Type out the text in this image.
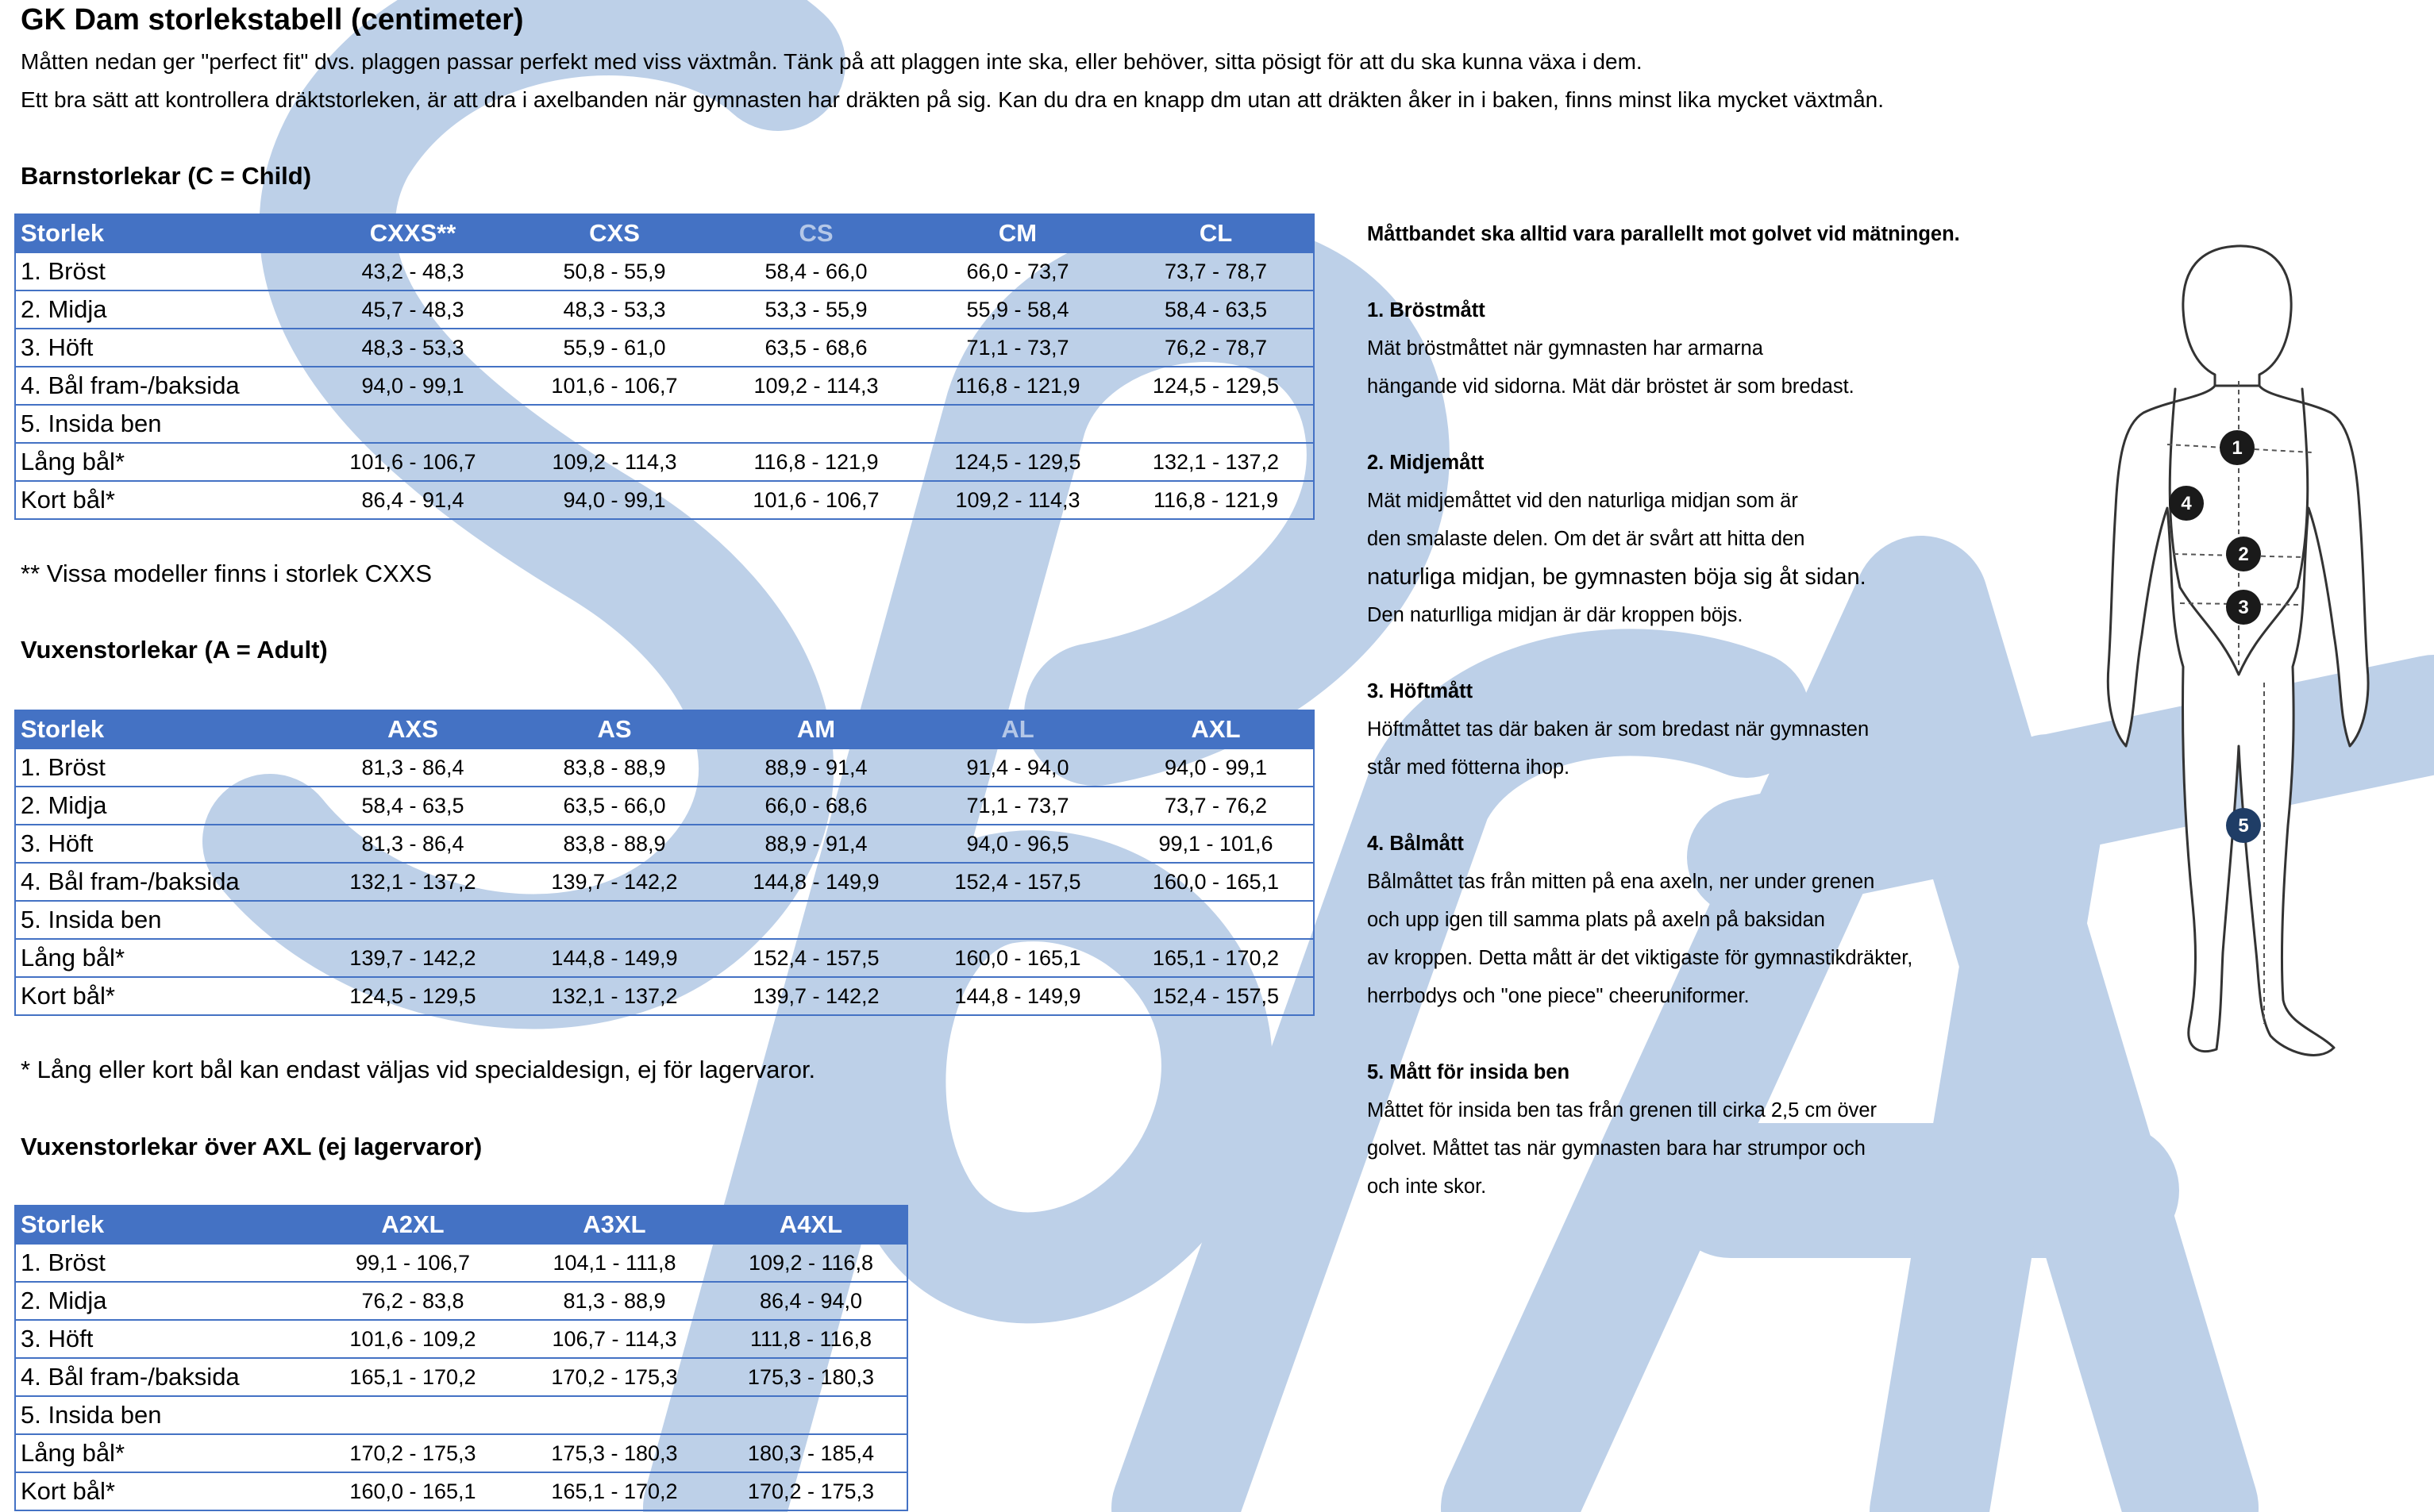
GK Dam storlekstabell (centimeter)
Måtten nedan ger "perfect fit" dvs. plaggen passar perfekt med viss växtmån. Tänk på att plaggen inte ska, eller behöver, sitta pösigt för att du ska kunna växa i dem.
Ett bra sätt att kontrollera dräktstorleken, är att dra i axelbanden när gymnasten har dräkten på sig. Kan du dra en knapp dm utan att dräkten åker in i baken, finns minst lika mycket växtmån.
Barnstorlekar (C = Child)
Storlek	CXXS**	CXS	CS	CM	CL
1. Bröst	43,2 - 48,3	50,8 - 55,9	58,4 - 66,0	66,0 - 73,7	73,7 - 78,7
2. Midja	45,7 - 48,3	48,3 - 53,3	53,3 - 55,9	55,9 - 58,4	58,4 - 63,5
3. Höft	48,3 - 53,3	55,9 - 61,0	63,5 - 68,6	71,1 - 73,7	76,2 - 78,7
4. Bål fram-/baksida	94,0 - 99,1	101,6 - 106,7	109,2 - 114,3	116,8 - 121,9	124,5 - 129,5
5. Insida ben					
Lång bål*	101,6 - 106,7	109,2 - 114,3	116,8 - 121,9	124,5 - 129,5	132,1 - 137,2
Kort bål*	86,4 - 91,4	94,0 - 99,1	101,6 - 106,7	109,2 - 114,3	116,8 - 121,9
** Vissa modeller finns i storlek CXXS
Vuxenstorlekar (A = Adult)
Storlek	AXS	AS	AM	AL	AXL
1. Bröst	81,3 - 86,4	83,8 - 88,9	88,9 - 91,4	91,4 - 94,0	94,0 - 99,1
2. Midja	58,4 - 63,5	63,5 - 66,0	66,0 - 68,6	71,1 - 73,7	73,7 - 76,2
3. Höft	81,3 - 86,4	83,8 - 88,9	88,9 - 91,4	94,0 - 96,5	99,1 - 101,6
4. Bål fram-/baksida	132,1 - 137,2	139,7 - 142,2	144,8 - 149,9	152,4 - 157,5	160,0 - 165,1
5. Insida ben					
Lång bål*	139,7 - 142,2	144,8 - 149,9	152,4 - 157,5	160,0 - 165,1	165,1 - 170,2
Kort bål*	124,5 - 129,5	132,1 - 137,2	139,7 - 142,2	144,8 - 149,9	152,4 - 157,5
* Lång eller kort bål kan endast väljas vid specialdesign, ej för lagervaror.
Vuxenstorlekar över AXL (ej lagervaror)
Storlek	A2XL	A3XL	A4XL
1. Bröst	99,1 - 106,7	104,1 - 111,8	109,2 - 116,8
2. Midja	76,2 - 83,8	81,3 - 88,9	86,4 - 94,0
3. Höft	101,6 - 109,2	106,7 - 114,3	111,8 - 116,8
4. Bål fram-/baksida	165,1 - 170,2	170,2 - 175,3	175,3 - 180,3
5. Insida ben			
Lång bål*	170,2 - 175,3	175,3 - 180,3	180,3 - 185,4
Kort bål*	160,0 - 165,1	165,1 - 170,2	170,2 - 175,3
Måttbandet ska alltid vara parallellt mot golvet vid mätningen.
1. Bröstmått
Mät bröstmåttet när gymnasten har armarna
hängande vid sidorna. Mät där bröstet är som bredast.
2. Midjemått
Mät midjemåttet vid den naturliga midjan som är
den smalaste delen. Om det är svårt att hitta den
naturliga midjan, be gymnasten böja sig åt sidan.
Den naturlliga midjan är där kroppen böjs.
3. Höftmått
Höftmåttet tas där baken är som bredast när gymnasten
står med fötterna ihop.
4. Bålmått
Bålmåttet tas från mitten på ena axeln, ner under grenen
och upp igen till samma plats på axeln på baksidan
av kroppen. Detta mått är det viktigaste för gymnastikdräkter,
herrbodys och "one piece" cheeruniformer.
5. Mått för insida ben
Måttet för insida ben tas från grenen till cirka 2,5 cm över
golvet. Måttet tas när gymnasten bara har strumpor och
och inte skor.
1
4
2
3
5
